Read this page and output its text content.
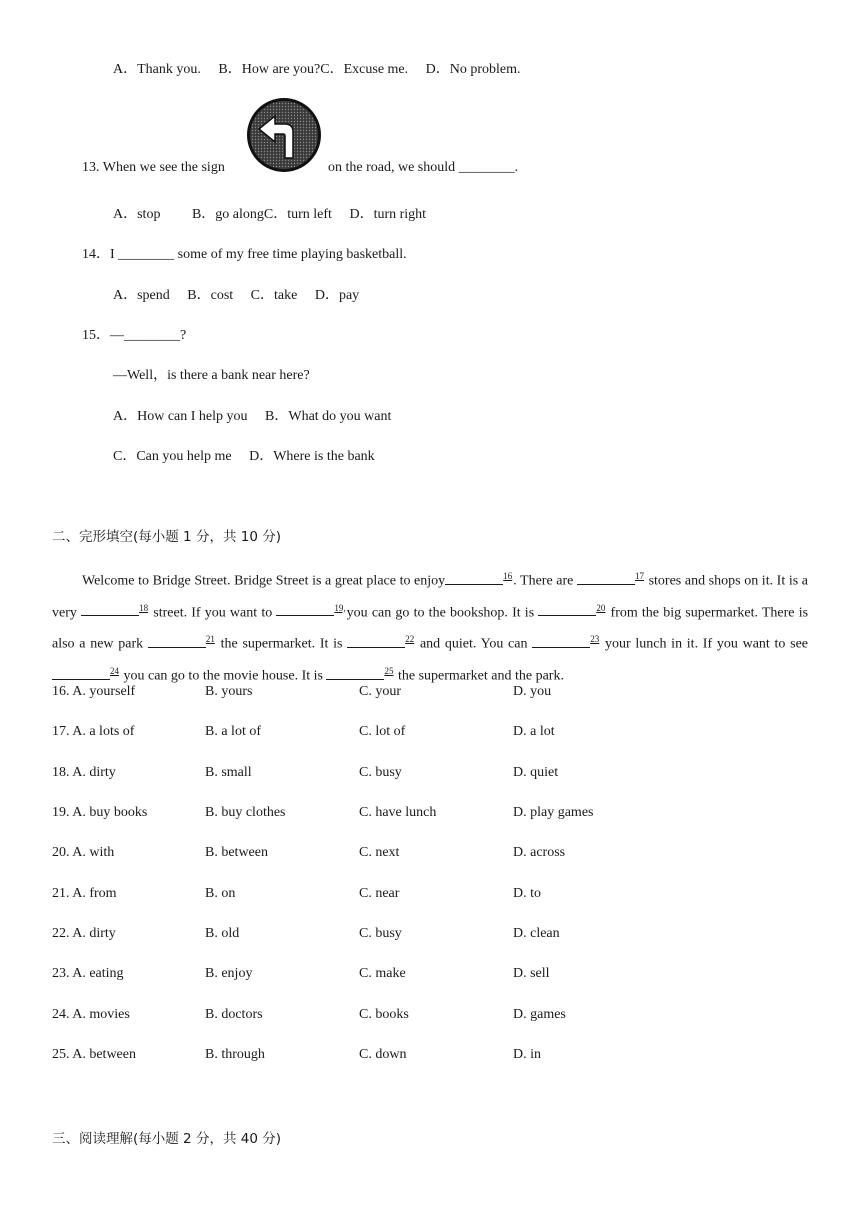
A．Thank you. B．How are you?C．Excuse me. D．No problem.
13. When we see the sign	on the road, we should ________.
A．stop B．go alongC．turn left D．turn right
14．I ________ some of my free time playing basketball.
A．spend B．cost C．take D．pay
15．—________?
—Well，is there a bank near here?
A．How can I help you B．What do you want
C．Can you help me D．Where is the bank
二、完形填空(每小题 1 分，共 10 分)
Welcome to Bridge Street. Bridge Street is a great place to enjoy	$^{16}$. There are	$^{17}$ stores and shops on it. It is a very	$^{18}$ street. If you want to	$^{19,}$you can go to the bookshop. It is	$^{20}$ from the big supermarket. There is also a new park	$^{21}$ the supermarket. It is	$^{22}$ and quiet. You can	$^{23}$ your lunch in it. If you want to see $^{24}$ you can go to the movie house. It is	$^{25}$ the supermarket and the park.
16. A. yourself	B. yours	C. your	D. you
17. A. a lots of	B. a lot of	C. lot of	D. a lot
18. A. dirty	B. small	C. busy	D. quiet
19. A. buy books	B. buy clothes	C. have lunch	D. play games
20. A. with	B. between	C. next	D. across
21. A. from	B. on	C. near	D. to
22. A. dirty	B. old	C. busy	D. clean
23. A. eating	B. enjoy	C. make	D. sell
24. A. movies	B. doctors	C. books	D. games
25. A. between	B. through	C. down	D. in
三、阅读理解(每小题 2 分，共 40 分)
